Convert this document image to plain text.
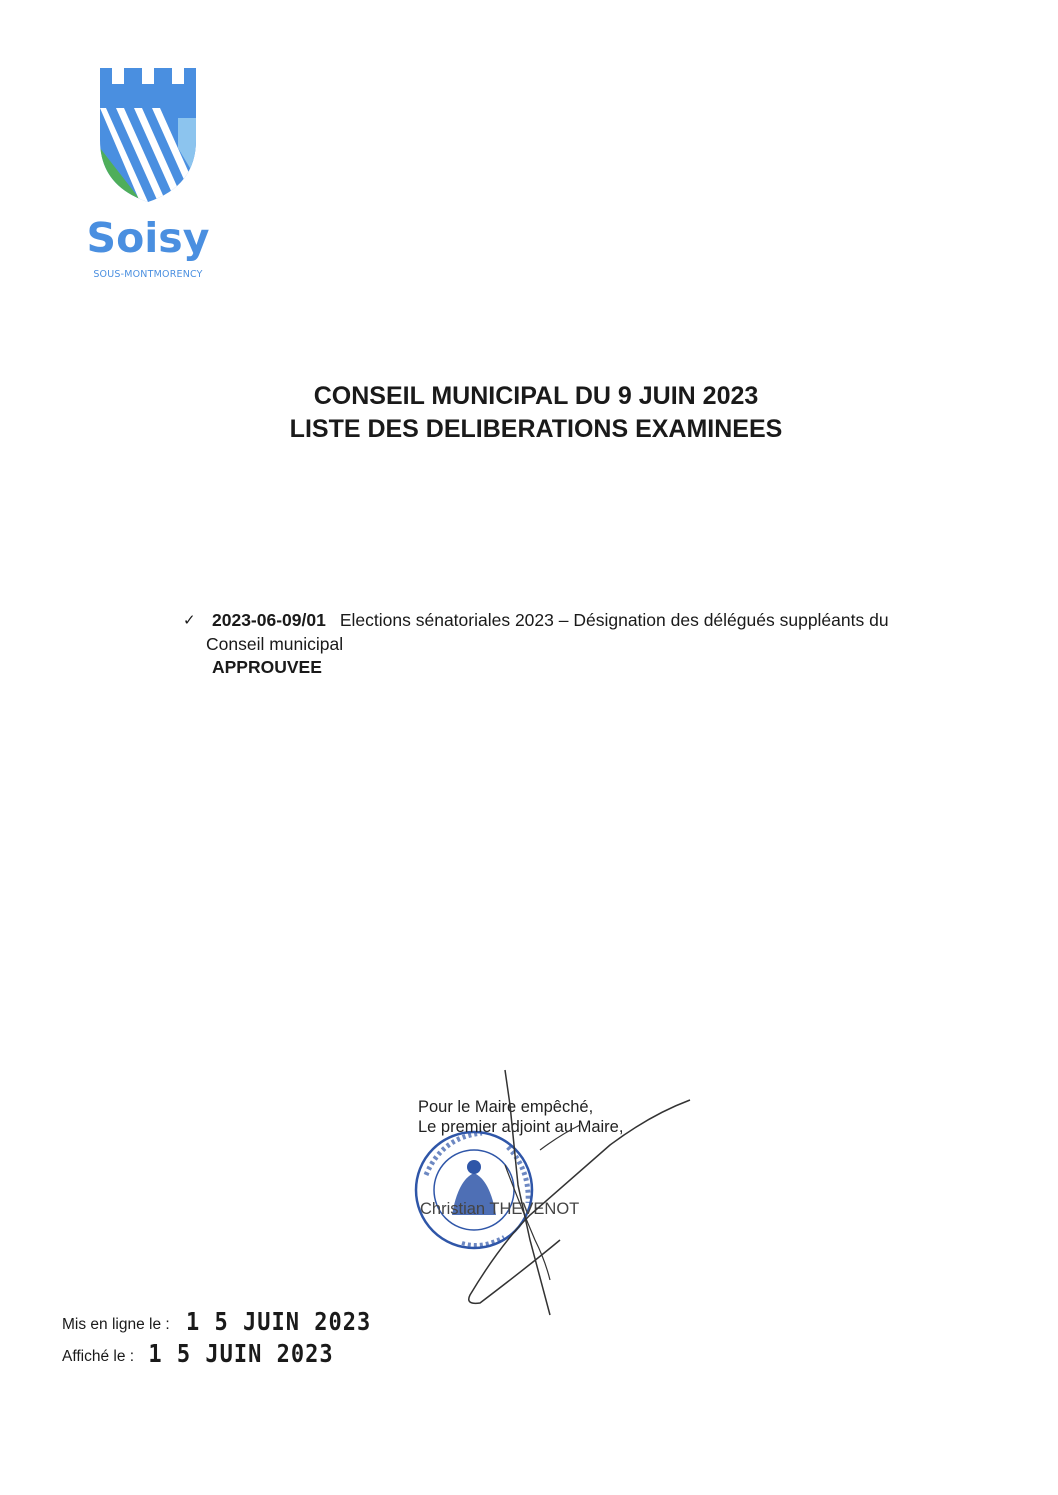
Soisy
SOUS-MONTMORENCY
CONSEIL MUNICIPAL DU 9 JUIN 2023
LISTE DES DELIBERATIONS EXAMINEES
✓ 2023-06-09/01 Elections sénatoriales 2023 – Désignation des délégués suppléants du
Conseil municipal
APPROUVEE
Pour le Maire empêché,
Le premier adjoint au Maire,
Christian THEVENOT
Mis en ligne le : 1 5 JUIN 2023
Affiché le : 1 5 JUIN 2023
